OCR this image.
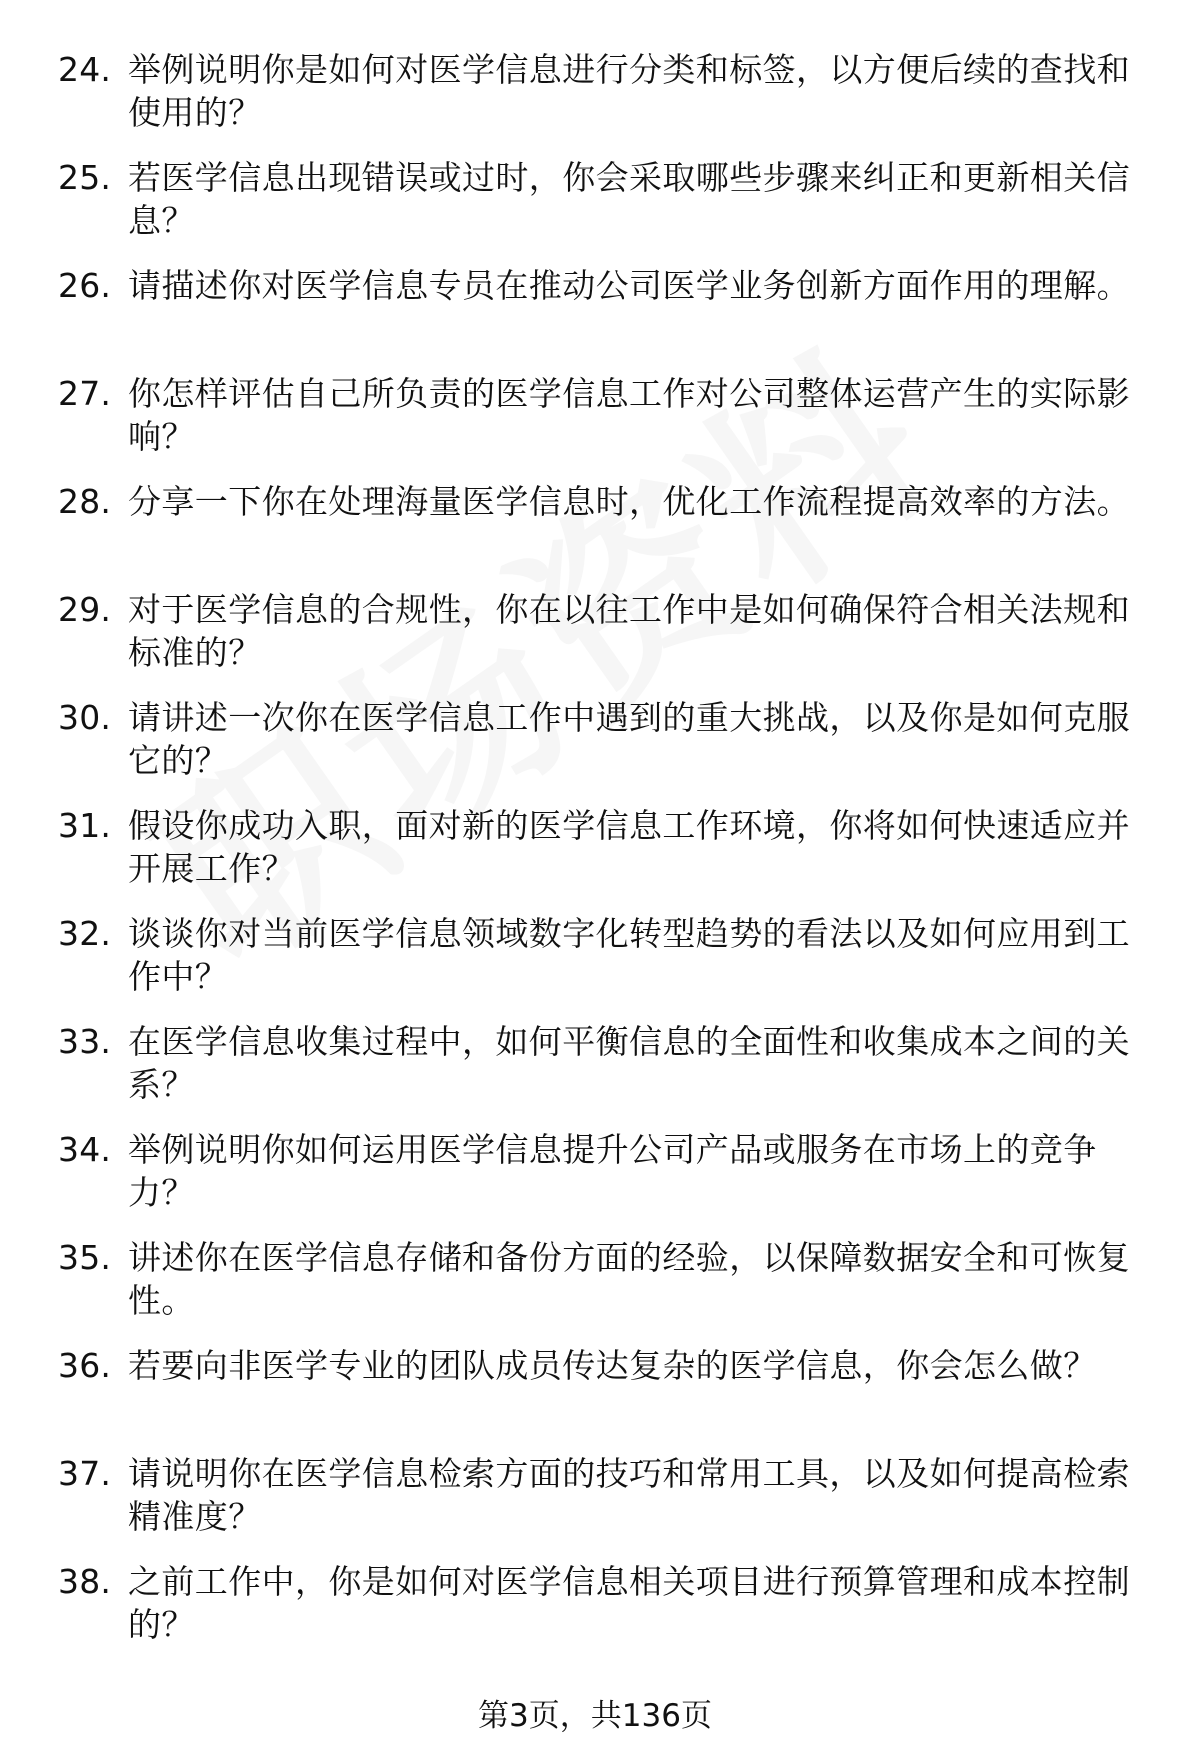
24. 举例说明你是如何对医学信息进行分类和标签，以方便后续的查找和使用的？
25. 若医学信息出现错误或过时，你会采取哪些步骤来纠正和更新相关信息？
26. 请描述你对医学信息专员在推动公司医学业务创新方面作用的理解。
27. 你怎样评估自己所负责的医学信息工作对公司整体运营产生的实际影响？
28. 分享一下你在处理海量医学信息时，优化工作流程提高效率的方法。
29. 对于医学信息的合规性，你在以往工作中是如何确保符合相关法规和标准的？
30. 请讲述一次你在医学信息工作中遇到的重大挑战，以及你是如何克服它的？
31. 假设你成功入职，面对新的医学信息工作环境，你将如何快速适应并开展工作？
32. 谈谈你对当前医学信息领域数字化转型趋势的看法以及如何应用到工作中？
33. 在医学信息收集过程中，如何平衡信息的全面性和收集成本之间的关系？
34. 举例说明你如何运用医学信息提升公司产品或服务在市场上的竞争力？
35. 讲述你在医学信息存储和备份方面的经验，以保障数据安全和可恢复性。
36. 若要向非医学专业的团队成员传达复杂的医学信息，你会怎么做？
37. 请说明你在医学信息检索方面的技巧和常用工具，以及如何提高检索精准度？
38. 之前工作中，你是如何对医学信息相关项目进行预算管理和成本控制的？
第3页，共136页
